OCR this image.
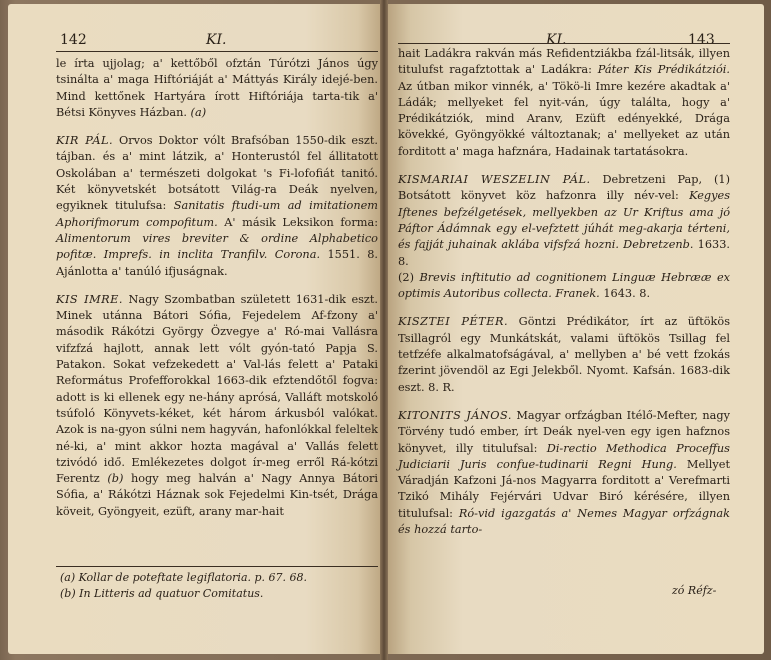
142	KI.

le írta ujjolag; a' kettőből ofztán Túrótzi János úgy tsinálta a' maga Hiftóriáját a' Máttyás Király idejé-ben. Mind kettőnek Hartyára írott Hiftóriája tarta-tik a' Bétsi Könyves Házban. (a)

KIR PÁL. Orvos Doktor vólt Brafsóban 1550-dik eszt. tájban. és a' mint látzik, a' Honterustól fel állitatott Oskolában a' természeti dolgokat 's Fi-lofofiát tanitó. Két könyvetskét botsátott Világ-ra Deák nyelven, egyiknek titulufsa: Sanitatis ftudi-um ad imitationem Aphorifmorum compofitum. A' másik Leksikon forma: Alimentorum vires breviter & ordine Alphabetico pofitæ. Imprefs. in inclita Tranfilv. Corona. 1551. 8. Ajánlotta a' tanúló ifjuságnak.

KIS IMRE. Nagy Szombatban született 1631-dik eszt. Minek utánna Bátori Sófia, Fejedelem Af-fzony a' második Rákótzi György Özvegye a' Ró-mai Vallásra vifzfzá hajlott, annak lett vólt gyón-tató Papja S. Patakon. Sokat vefzekedett a' Val-lás felett a' Pataki Református Profefforokkal 1663-dik efztendőtől fogva: adott is ki ellenek egy ne-hány aprósá, Valláft motskoló tsúfoló Könyvets-kéket, két három árkusból valókat. Azok is na-gyon súlni nem hagyván, hafonlókkal feleltek né-ki, a' mint akkor hozta magával a' Vallás felett tzivódó idő. Emlékezetes dolgot ír-meg erről Rá-kótzi Ferentz (b) hogy meg halván a' Nagy Annya Bátori Sófia, a' Rákótzi Háznak sok Fejedelmi Kin-tsét, Drága köveit, Gyöngyeit, ezüft, arany mar-hait

(a) Kollar de poteftate legiflatoria. p. 67. 68.
(b) In Litteris ad quatuor Comitatus.
KI.	143

hait Ladákra rakván más Refidentziákba fzál-litsák, illyen titulufst ragafztottak a' Ladákra: Páter Kis Prédikátziói. Az útban mikor vinnék, a' Tökö-li Imre kezére akadtak a' Ládák; mellyeket fel nyit-ván, úgy találta, hogy a' Prédikátziók, mind Aranv, Ezüft edényekké, Drága kövekké, Gyöngyökké változtanak; a' mellyeket az után forditott a' maga hafznára, Hadainak tartatásokra.

KISMARIAI WESZELIN PÁL. Debretzeni Pap, (1) Botsátott könyvet köz hafzonra illy név-vel: Kegyes Iftenes befzélgetések, mellyekben az Ur Kriftus ama jó Páftor Ádámnak egy el-vefztett júhát meg-akarja térteni, és fajját juhainak aklába vifsfzá hozni. Debretzenb. 1633. 8.

(2) Brevis inftitutio ad cognitionem Linguæ Hebrææ ex optimis Autoribus collecta. Franek. 1643. 8.

KISZTEI PÉTER. Göntzi Prédikátor, írt az üftökös Tsillagról egy Munkátskát, valami üftökös Tsillag fel tetfzéfe alkalmatofságával, a' mellyben a' bé vett fzokás fzerint jövendöl az Egi Jelekből. Nyomt. Kafsán. 1683-dik eszt. 8. R.

KITONITS JÁNOS. Magyar orfzágban Itélő-Mefter, nagy Törvény tudó ember, írt Deák nyel-ven egy igen hafznos könyvet, illy titulufsal: Di-rectio Methodica Proceffus Judiciarii Juris confue-tudinarii Regni Hung. Mellyet Váradján Kafzoni Já-nos Magyarra forditott a' Verefmarti Tzikó Mihály Fejérvári Udvar Biró kérésére, illyen titulufsal: Ró-vid igazgatás a' Nemes Magyar orfzágnak és hozzá tarto-

zó Réfz-
